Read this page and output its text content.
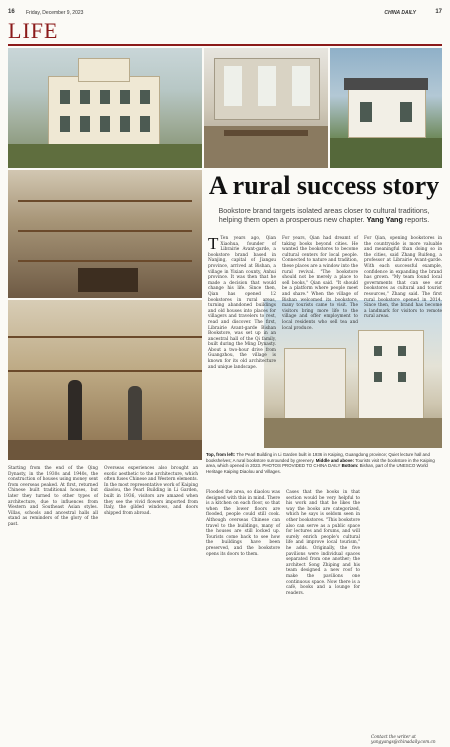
16 Friday, December 9, 2023	CHINA DAILY	17
LIFE
A rural success story
Bookstore brand targets isolated areas closer to cultural traditions, helping them open a prosperous new chapter. Yang Yang reports.
T Ten years ago, Qian Xiaohua, founder of Librairie Avant-garde, a bookstore brand based in Nanjing, capital of Jiangsu province, arrived at Bishan, a village in Yixian county, Anhui province. It was then that he made a decision that would change his life. Since then, Qian has opened 12 bookstores in rural areas, turning abandoned buildings and old houses into places for villagers and travelers to rest, read and discover. The first, Librairie Avant-garde Bishan Bookstore, was set up in an ancestral hall of the Qi family, built during the Ming Dynasty. About a two-hour drive from Guangzhou, the village is known for its old architecture and unique landscape.
For years, Qian had dreamt of taking books beyond cities. He wanted the bookstores to become cultural centers for local people. Connected to nature and tradition, these places are a window into the rural revival. "The bookstore should not be merely a place to sell books," Qian said. "It should be a platform where people meet and share." When the village of Bishan welcomed its bookstore, many tourists came to visit. The visitors bring more life to the village and offer employment to local residents who sell tea and local produce.
For Qian, opening bookstores in the countryside is more valuable and meaningful than doing so in the cities, said Zhang Ruifeng, a professor at Librairie Avant-garde. With each successful example, confidence in expanding the brand has grown. "My team found local governments that can see our bookstores as cultural and tourist resources," Zhang said. The first rural bookstore opened in 2014. Since then, the brand has become a landmark for visitors to remote rural areas.
Top, from left: The Pearl Building in Li Garden built in 1936 in Kaiping, Guangdong province; Quiet lecture hall and bookshelves; A rural bookstore surrounded by greenery. Middle and above: Tourists visit the bookstore in the Kaiping area, which opened in 2023. PHOTOS PROVIDED TO CHINA DAILY Bottom: Bishan, part of the UNESCO World Heritage Kaiping Diaolou and Villages.
Starting from the end of the Qing Dynasty, in the 1930s and 1940s, the construction of houses using money sent from overseas peaked. At first, returned Chinese built traditional houses, but later they turned to other types of architecture, due to influences from Western and Southeast Asian styles. Villas, schools and ancestral halls all stand as reminders of the glory of the past.
Overseas experiences also brought an exotic aesthetic to the architecture, which often fuses Chinese and Western elements. In the most representative work of Kaiping diaolou, the Pearl Building in Li Garden, built in 1936, visitors are amazed when they see the vivid flowers imported from Italy, the gilded windows, and doors shipped from abroad.
Flooded the area, so diaolou was designed with this in mind. There is a kitchen on each floor, so that when the lower floors are flooded, people could still cook. Although overseas Chinese can travel to the buildings, many of the houses are still locked up. Tourists come back to see how the buildings have been preserved, and the bookstore opens its doors to them.
Cases that the books in that section would be very helpful to his work and that he likes the way the books are categorized, which he says is seldom seen in other bookstores. "This bookstore also can serve as a public space for lectures and forums, and will surely enrich people's cultural life and improve local tourism," he adds. Originally, the five pavilions were individual spaces separated from one another; the architect Song Zhiping and his team designed a new roof to make the pavilions one continuous space. Now there is a café, books and a lounge for readers.
Contact the writer at yangyangs@chinadaily.com.cn
